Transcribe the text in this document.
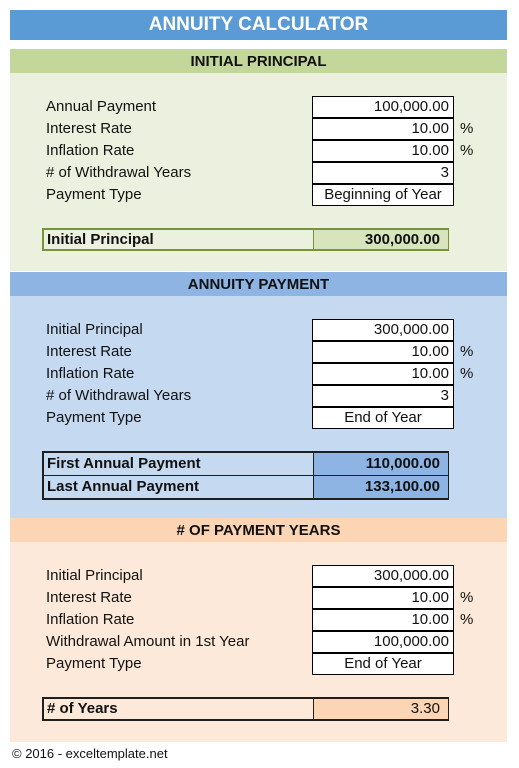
ANNUITY CALCULATOR
INITIAL PRINCIPAL
Annual Payment	100,000.00
Interest Rate	10.00 %
Inflation Rate	10.00 %
# of Withdrawal Years	3
Payment Type	Beginning of Year
Initial Principal	300,000.00
ANNUITY PAYMENT
Initial Principal	300,000.00
Interest Rate	10.00 %
Inflation Rate	10.00 %
# of Withdrawal Years	3
Payment Type	End of Year
First Annual Payment	110,000.00
Last Annual Payment	133,100.00
# OF PAYMENT YEARS
Initial Principal	300,000.00
Interest Rate	10.00 %
Inflation Rate	10.00 %
Withdrawal Amount in 1st Year	100,000.00
Payment Type	End of Year
# of Years	3.30
© 2016 - exceltemplate.net
